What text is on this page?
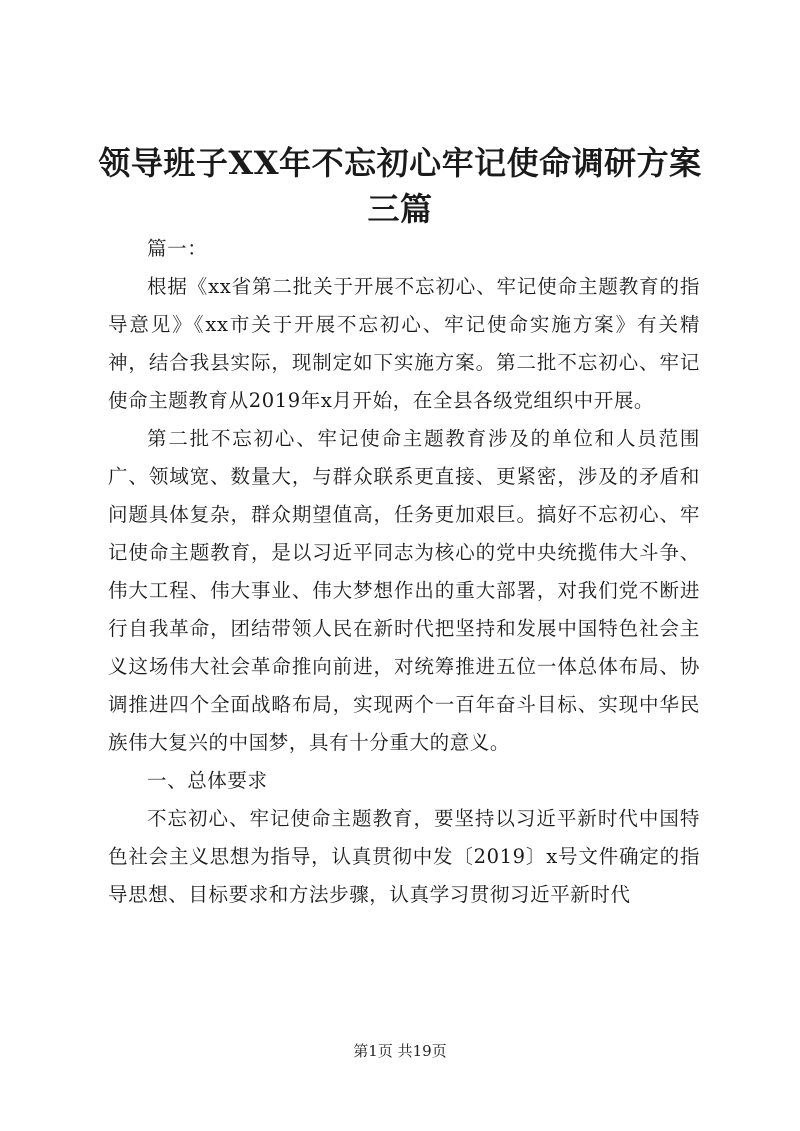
领导班子XX年不忘初心牢记使命调研方案三篇

篇一：

根据《xx省第二批关于开展不忘初心、牢记使命主题教育的指导意见》《xx市关于开展不忘初心、牢记使命实施方案》有关精神，结合我县实际，现制定如下实施方案。第二批不忘初心、牢记使命主题教育从2019年x月开始，在全县各级党组织中开展。

第二批不忘初心、牢记使命主题教育涉及的单位和人员范围广、领域宽、数量大，与群众联系更直接、更紧密，涉及的矛盾和问题具体复杂，群众期望值高，任务更加艰巨。搞好不忘初心、牢记使命主题教育，是以习近平同志为核心的党中央统揽伟大斗争、伟大工程、伟大事业、伟大梦想作出的重大部署，对我们党不断进行自我革命，团结带领人民在新时代把坚持和发展中国特色社会主义这场伟大社会革命推向前进，对统筹推进五位一体总体布局、协调推进四个全面战略布局，实现两个一百年奋斗目标、实现中华民族伟大复兴的中国梦，具有十分重大的意义。

一、总体要求

不忘初心、牢记使命主题教育，要坚持以习近平新时代中国特色社会主义思想为指导，认真贯彻中发〔2019〕x号文件确定的指导思想、目标要求和方法步骤，认真学习贯彻习近平新时代

第1页 共19页
